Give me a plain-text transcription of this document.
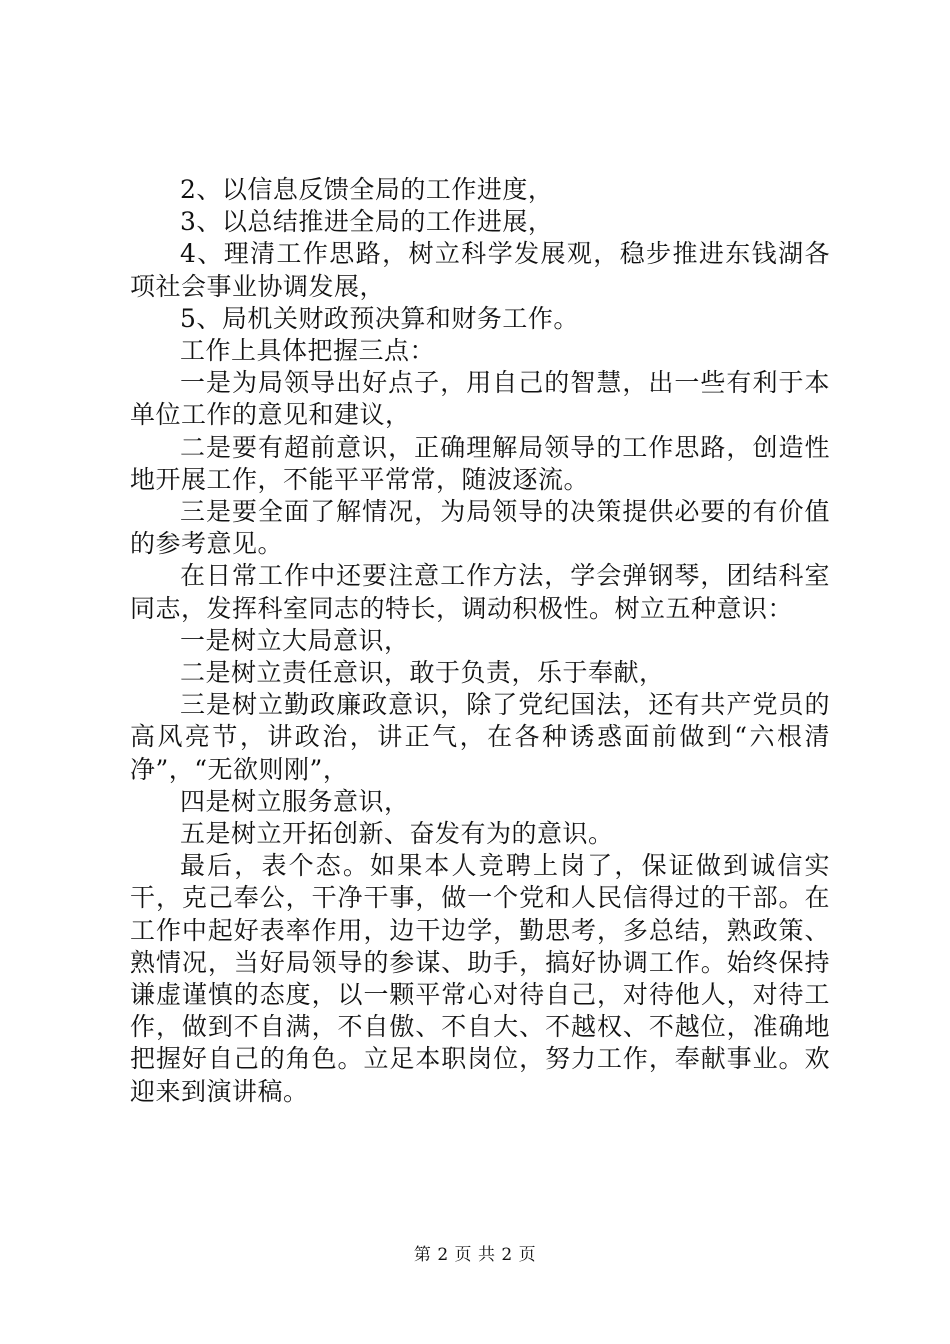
2、以信息反馈全局的工作进度，

3、以总结推进全局的工作进展，

4、理清工作思路，树立科学发展观，稳步推进东钱湖各项社会事业协调发展，

5、局机关财政预决算和财务工作。

工作上具体把握三点：

一是为局领导出好点子，用自己的智慧，出一些有利于本单位工作的意见和建议，

二是要有超前意识，正确理解局领导的工作思路，创造性地开展工作，不能平平常常，随波逐流。

三是要全面了解情况，为局领导的决策提供必要的有价值的参考意见。

在日常工作中还要注意工作方法，学会弹钢琴，团结科室同志，发挥科室同志的特长，调动积极性。树立五种意识：

一是树立大局意识，

二是树立责任意识，敢于负责，乐于奉献，

三是树立勤政廉政意识，除了党纪国法，还有共产党员的高风亮节，讲政治，讲正气，在各种诱惑面前做到“六根清净”，“无欲则刚”，

四是树立服务意识，

五是树立开拓创新、奋发有为的意识。

最后，表个态。如果本人竞聘上岗了，保证做到诚信实干，克己奉公，干净干事，做一个党和人民信得过的干部。在工作中起好表率作用，边干边学，勤思考，多总结，熟政策、熟情况，当好局领导的参谋、助手，搞好协调工作。始终保持谦虚谨慎的态度，以一颗平常心对待自己，对待他人，对待工作，做到不自满，不自傲、不自大、不越权、不越位，准确地把握好自己的角色。立足本职岗位，努力工作，奉献事业。欢迎来到演讲稿。

第 2 页 共 2 页
